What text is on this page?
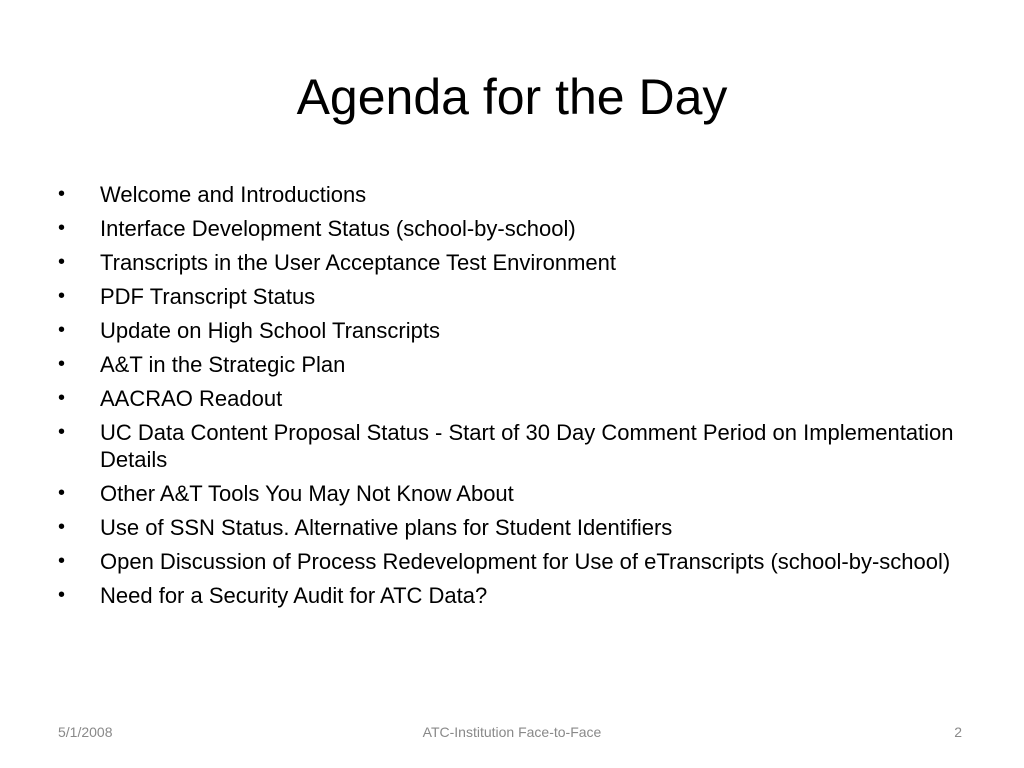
Agenda for the Day
•	Welcome and Introductions
•	Interface Development Status (school-by-school)
•	Transcripts in the User Acceptance Test Environment
•	PDF Transcript Status
•	Update on High School Transcripts
•	A&T in the Strategic Plan
•	AACRAO Readout
•	UC Data Content Proposal Status - Start of 30 Day Comment Period on Implementation Details
•	Other A&T Tools You May Not Know About
•	Use of SSN Status. Alternative plans for Student Identifiers
•	Open Discussion of Process Redevelopment for Use of eTranscripts (school-by-school)
•	Need for a Security Audit for ATC Data?
5/1/2008	ATC-Institution Face-to-Face	2
